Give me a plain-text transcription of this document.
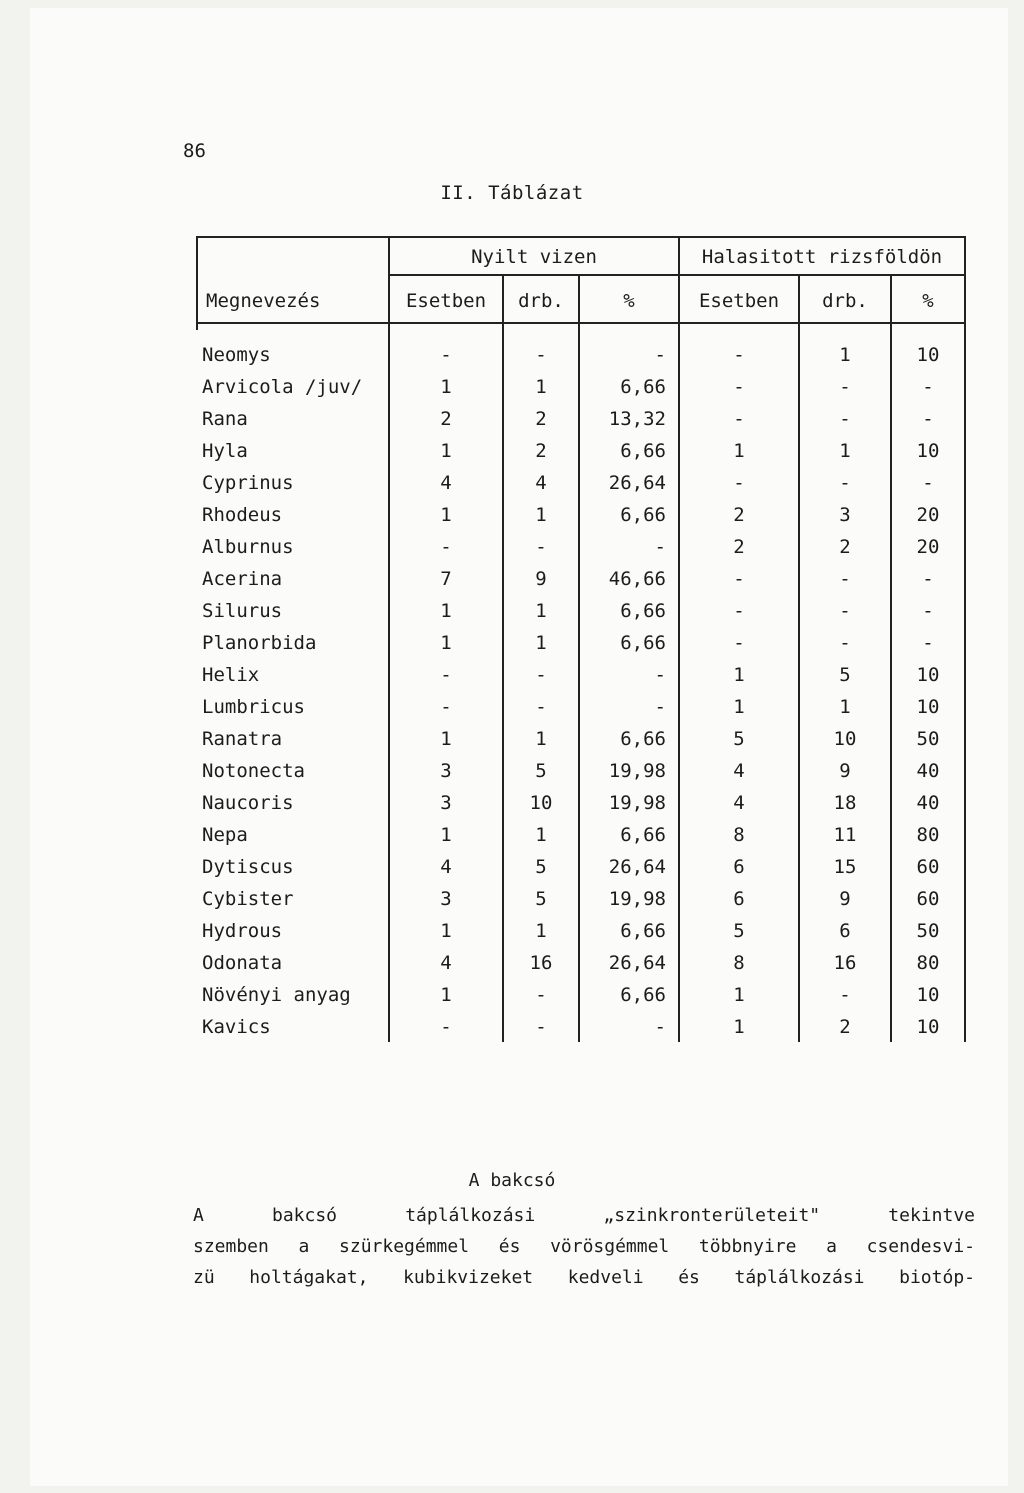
86
II. Táblázat
Nyilt vizen	Halasitott rizsföldön
Megnevezés	Esetben	drb.	%	Esetben	drb.	%
Neomys	-	-	-	-	1	10
Arvicola /juv/	1	1	6,66	-	-	-
Rana	2	2	13,32	-	-	-
Hyla	1	2	6,66	1	1	10
Cyprinus	4	4	26,64	-	-	-
Rhodeus	1	1	6,66	2	3	20
Alburnus	-	-	-	2	2	20
Acerina	7	9	46,66	-	-	-
Silurus	1	1	6,66	-	-	-
Planorbida	1	1	6,66	-	-	-
Helix	-	-	-	1	5	10
Lumbricus	-	-	-	1	1	10
Ranatra	1	1	6,66	5	10	50
Notonecta	3	5	19,98	4	9	40
Naucoris	3	10	19,98	4	18	40
Nepa	1	1	6,66	8	11	80
Dytiscus	4	5	26,64	6	15	60
Cybister	3	5	19,98	6	9	60
Hydrous	1	1	6,66	5	6	50
Odonata	4	16	26,64	8	16	80
Növényi anyag	1	-	6,66	1	-	10
Kavics	-	-	-	1	2	10
A bakcsó
A bakcsó táplálkozási „szinkronterületeit" tekintve
szemben a szürkegémmel és vörösgémmel többnyire a csendesvi-
zü holtágakat, kubikvizeket kedveli és táplálkozási biotóp-
